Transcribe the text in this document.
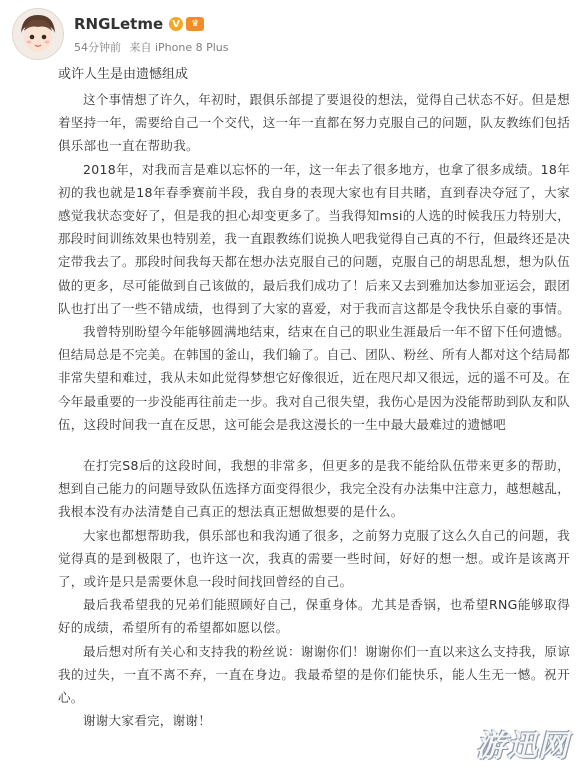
RNGLetme V	♛
54分钟前 来自 iPhone 8 Plus

或许人生是由遗憾组成

这个事情想了许久，年初时，跟俱乐部提了要退役的想法，觉得自己状态不好。但是想着坚持一年，需要给自己一个交代，这一年一直都在努力克服自己的问题，队友教练们包括俱乐部也一直在帮助我。

2018年，对我而言是难以忘怀的一年，这一年去了很多地方，也拿了很多成绩。18年初的我也就是18年春季赛前半段，我自身的表现大家也有目共睹，直到春决夺冠了，大家感觉我状态变好了，但是我的担心却变更多了。当我得知msi的人选的时候我压力特别大，那段时间训练效果也特别差，我一直跟教练们说换人吧我觉得自己真的不行，但最终还是决定带我去了。那段时间我每天都在想办法克服自己的问题，克服自己的胡思乱想，想为队伍做的更多，尽可能做到自己该做的，最后我们成功了！后来又去到雅加达参加亚运会，跟团队也打出了一些不错成绩，也得到了大家的喜爱，对于我而言这都是令我快乐自豪的事情。

我曾特别盼望今年能够圆满地结束，结束在自己的职业生涯最后一年不留下任何遗憾。但结局总是不完美。在韩国的釜山，我们输了。自己、团队、粉丝、所有人都对这个结局都非常失望和难过，我从未如此觉得梦想它好像很近，近在咫尺却又很远，远的遥不可及。在今年最重要的一步没能再往前走一步。我对自己很失望，我伤心是因为没能帮助到队友和队伍，这段时间我一直在反思，这可能会是我这漫长的一生中最大最难过的遗憾吧

在打完S8后的这段时间，我想的非常多，但更多的是我不能给队伍带来更多的帮助，想到自己能力的问题导致队伍选择方面变得很少，我完全没有办法集中注意力，越想越乱，我根本没有办法清楚自己真正的想法真正想做想要的是什么。

大家也都想帮助我，俱乐部也和我沟通了很多，之前努力克服了这么久自己的问题，我觉得真的是到极限了，也许这一次，我真的需要一些时间，好好的想一想。或许是该离开了，或许是只是需要休息一段时间找回曾经的自己。

最后我希望我的兄弟们能照顾好自己，保重身体。尤其是香锅，也希望RNG能够取得好的成绩，希望所有的希望都如愿以偿。

最后想对所有关心和支持我的粉丝说：谢谢你们！谢谢你们一直以来这么支持我，原谅我的过失，一直不离不弃，一直在身边。我最希望的是你们能快乐，能人生无一憾。祝开心。

谢谢大家看完，谢谢！

游迅网
